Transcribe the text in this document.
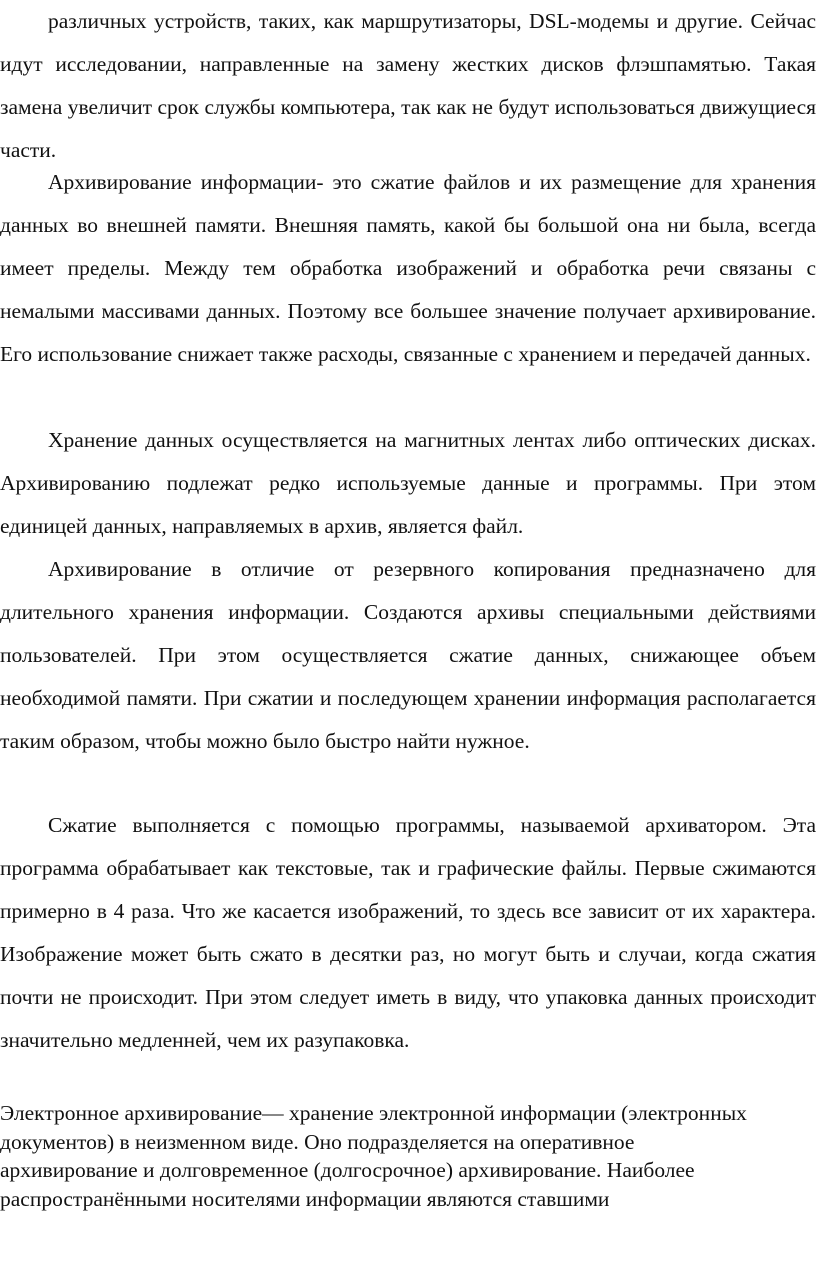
различных устройств, таких, как маршрутизаторы, DSL-модемы и другие. Сейчас идут исследовании, направленные на замену жестких дисков флэшпамятью. Такая замена увеличит срок службы компьютера, так как не будут использоваться движущиеся части.

Архивирование информации- это сжатие файлов и их размещение для хранения данных во внешней памяти. Внешняя память, какой бы большой она ни была, всегда имеет пределы. Между тем обработка изображений и обработка речи связаны с немалыми массивами данных. Поэтому все большее значение получает архивирование. Его использование снижает также расходы, связанные с хранением и передачей данных.

Хранение данных осуществляется на магнитных лентах либо оптических дисках. Архивированию подлежат редко используемые данные и программы. При этом единицей данных, направляемых в архив, является файл.

Архивирование в отличие от резервного копирования предназначено для длительного хранения информации. Создаются архивы специальными действиями пользователей. При этом осуществляется сжатие данных, снижающее объем необходимой памяти. При сжатии и последующем хранении информация располагается таким образом, чтобы можно было быстро найти нужное.

Сжатие выполняется с помощью программы, называемой архиватором. Эта программа обрабатывает как текстовые, так и графические файлы. Первые сжимаются примерно в 4 раза. Что же касается изображений, то здесь все зависит от их характера. Изображение может быть сжато в десятки раз, но могут быть и случаи, когда сжатия почти не происходит. При этом следует иметь в виду, что упаковка данных происходит значительно медленней, чем их разупаковка.

Электронное архивирование— хранение электронной информации (электронных документов) в неизменном виде. Оно подразделяется на оперативное архивирование и долговременное (долгосрочное) архивирование. Наиболее распространёнными носителями информации являются ставшими
